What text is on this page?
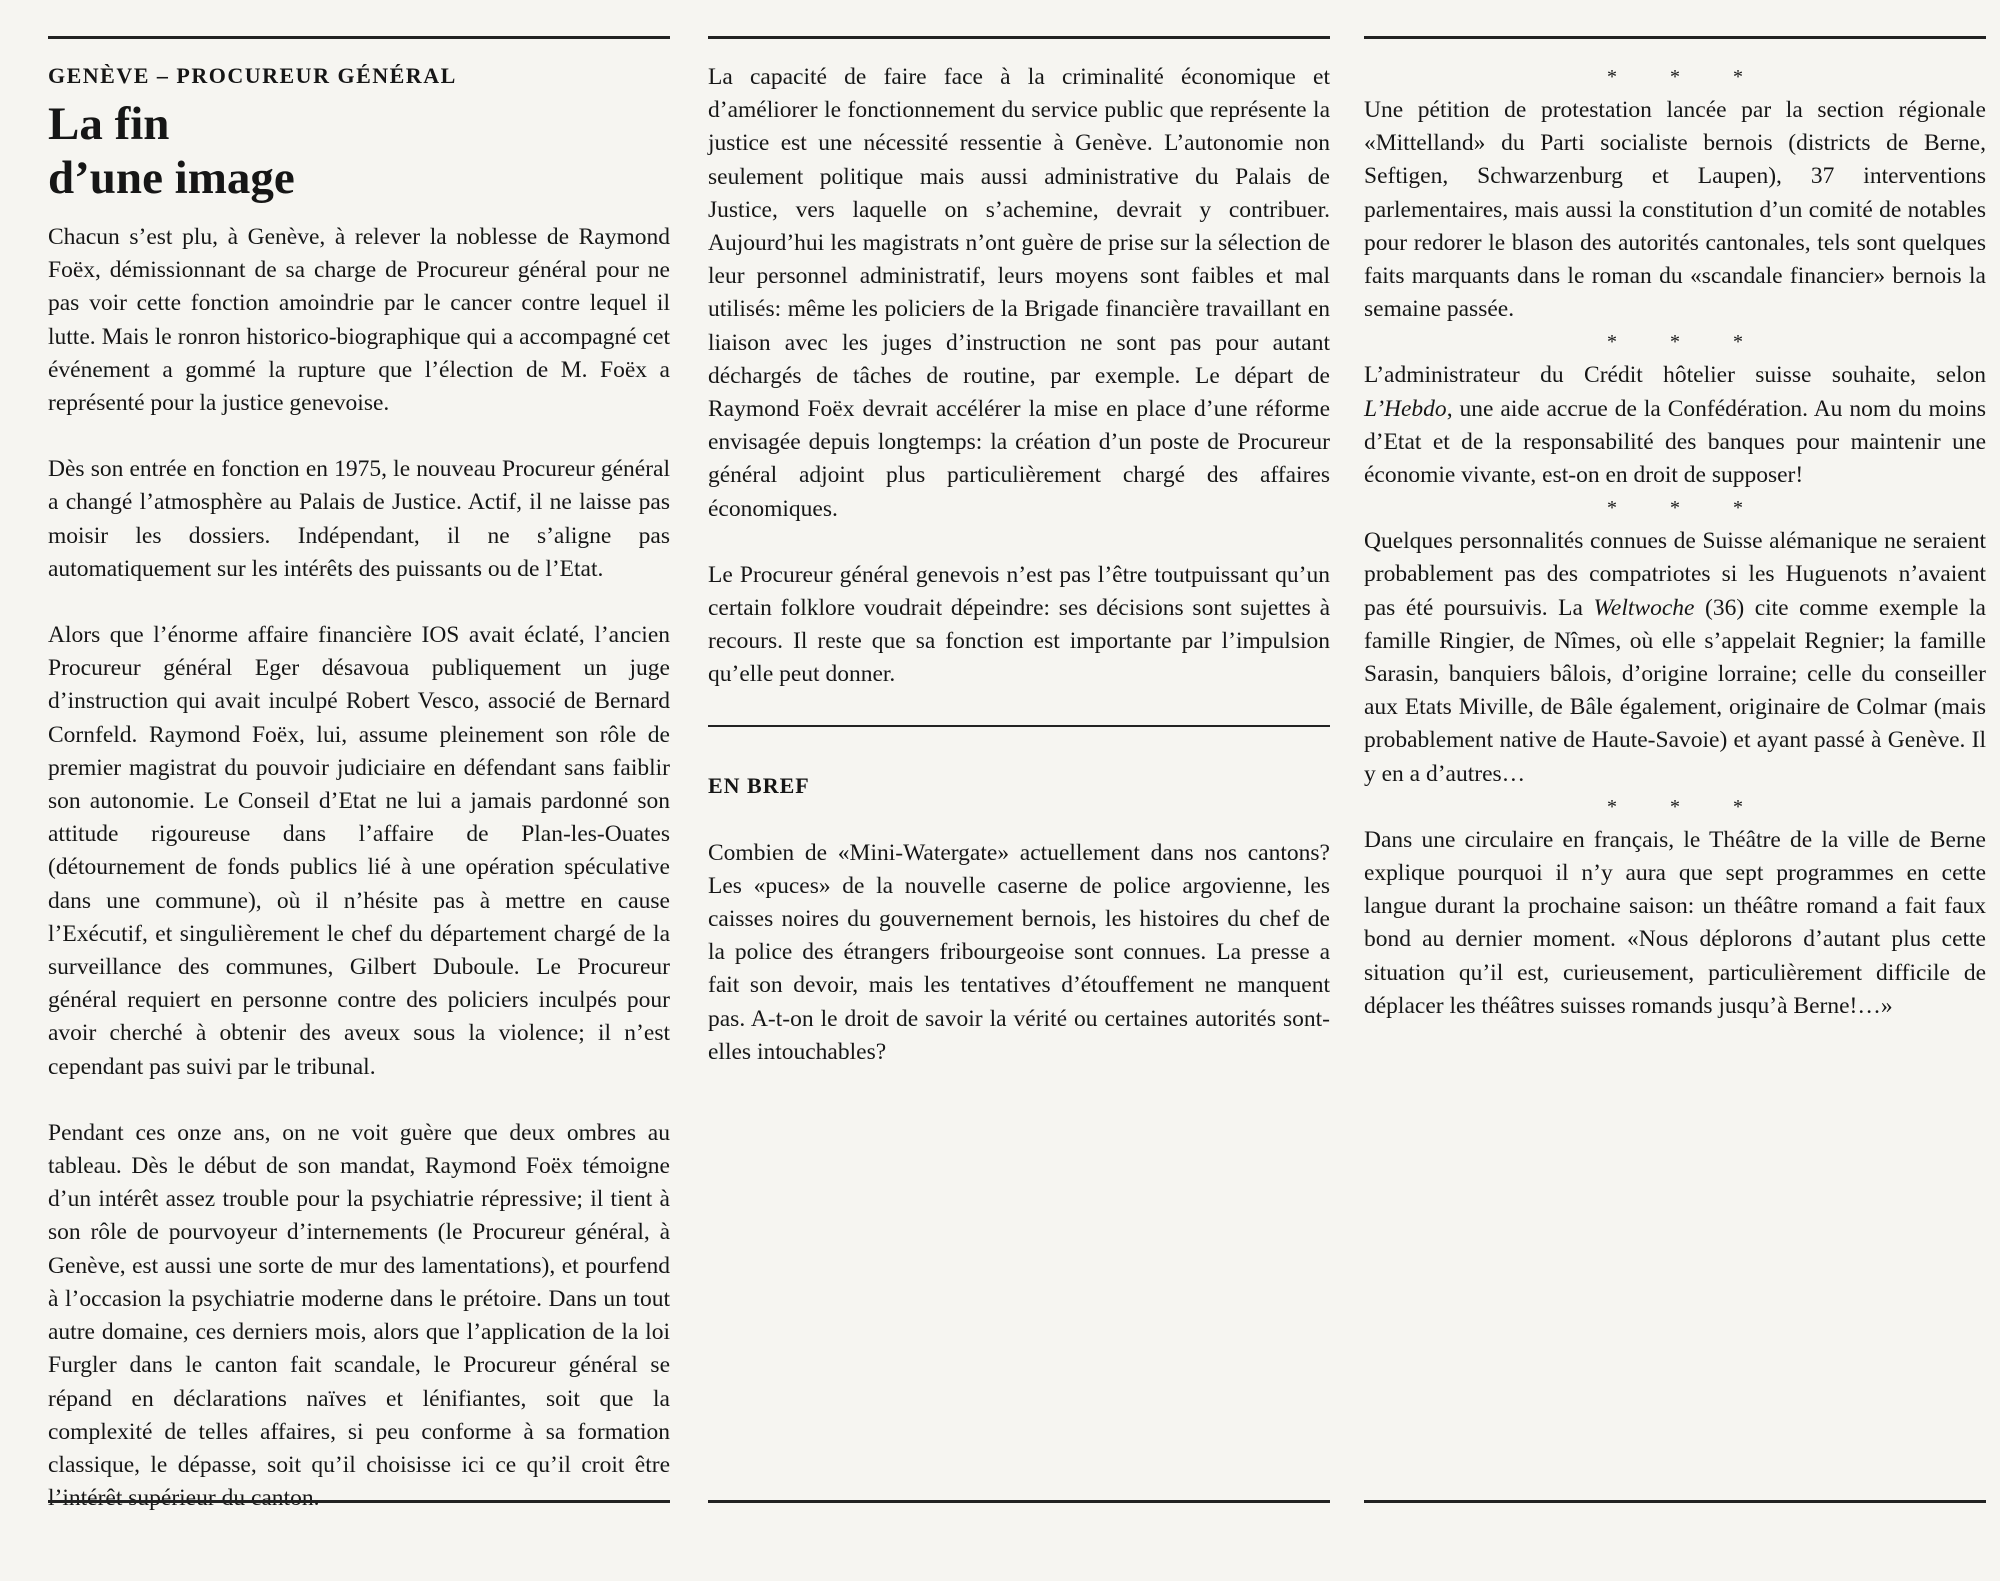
GENÈVE – PROCUREUR GÉNÉRAL
La fin
d’une image

Chacun s’est plu, à Genève, à relever la noblesse de Raymond Foëx, démissionnant de sa charge de Procureur général pour ne pas voir cette fonction amoindrie par le cancer contre lequel il lutte. Mais le ronron historico-biographique qui a accompagné cet événement a gommé la rupture que l’élection de M. Foëx a représenté pour la justice genevoise.

Dès son entrée en fonction en 1975, le nouveau Procureur général a changé l’atmosphère au Palais de Justice. Actif, il ne laisse pas moisir les dossiers. Indépendant, il ne s’aligne pas automatiquement sur les intérêts des puissants ou de l’Etat.

Alors que l’énorme affaire financière IOS avait éclaté, l’ancien Procureur général Eger désavoua publiquement un juge d’instruction qui avait inculpé Robert Vesco, associé de Bernard Cornfeld. Raymond Foëx, lui, assume pleinement son rôle de premier magistrat du pouvoir judiciaire en défendant sans faiblir son autonomie. Le Conseil d’Etat ne lui a jamais pardonné son attitude rigoureuse dans l’affaire de Plan-les-Ouates (détournement de fonds publics lié à une opération spéculative dans une commune), où il n’hésite pas à mettre en cause l’Exécutif, et singulièrement le chef du département chargé de la surveillance des communes, Gilbert Duboule. Le Procureur général requiert en personne contre des policiers inculpés pour avoir cherché à obtenir des aveux sous la violence; il n’est cependant pas suivi par le tribunal.

Pendant ces onze ans, on ne voit guère que deux ombres au tableau. Dès le début de son mandat, Raymond Foëx témoigne d’un intérêt assez trouble pour la psychiatrie répressive; il tient à son rôle de pourvoyeur d’internements (le Procureur général, à Genève, est aussi une sorte de mur des lamentations), et pourfend à l’occasion la psychiatrie moderne dans le prétoire. Dans un tout autre domaine, ces derniers mois, alors que l’application de la loi Furgler dans le canton fait scandale, le Procureur général se répand en déclarations naïves et lénifiantes, soit que la complexité de telles affaires, si peu conforme à sa formation classique, le dépasse, soit qu’il choisisse ici ce qu’il croit être l’intérêt supérieur du canton.

La capacité de faire face à la criminalité économique et d’améliorer le fonctionnement du service public que représente la justice est une nécessité ressentie à Genève. L’autonomie non seulement politique mais aussi administrative du Palais de Justice, vers laquelle on s’achemine, devrait y contribuer. Aujourd’hui les magistrats n’ont guère de prise sur la sélection de leur personnel administratif, leurs moyens sont faibles et mal utilisés: même les policiers de la Brigade financière travaillant en liaison avec les juges d’instruction ne sont pas pour autant déchargés de tâches de routine, par exemple. Le départ de Raymond Foëx devrait accélérer la mise en place d’une réforme envisagée depuis longtemps: la création d’un poste de Procureur général adjoint plus particulièrement chargé des affaires économiques.

Le Procureur général genevois n’est pas l’être toutpuissant qu’un certain folklore voudrait dépeindre: ses décisions sont sujettes à recours. Il reste que sa fonction est importante par l’impulsion qu’elle peut donner.

EN BREF

Combien de «Mini-Watergate» actuellement dans nos cantons? Les «puces» de la nouvelle caserne de police argovienne, les caisses noires du gouvernement bernois, les histoires du chef de la police des étrangers fribourgeoise sont connues. La presse a fait son devoir, mais les tentatives d’étouffement ne manquent pas. A-t-on le droit de savoir la vérité ou certaines autorités sont-elles intouchables?

* * *

Une pétition de protestation lancée par la section régionale «Mittelland» du Parti socialiste bernois (districts de Berne, Seftigen, Schwarzenburg et Laupen), 37 interventions parlementaires, mais aussi la constitution d’un comité de notables pour redorer le blason des autorités cantonales, tels sont quelques faits marquants dans le roman du «scandale financier» bernois la semaine passée.

* * *

L’administrateur du Crédit hôtelier suisse souhaite, selon L’Hebdo, une aide accrue de la Confédération. Au nom du moins d’Etat et de la responsabilité des banques pour maintenir une économie vivante, est-on en droit de supposer!

* * *

Quelques personnalités connues de Suisse alémanique ne seraient probablement pas des compatriotes si les Huguenots n’avaient pas été poursuivis. La Weltwoche (36) cite comme exemple la famille Ringier, de Nîmes, où elle s’appelait Regnier; la famille Sarasin, banquiers bâlois, d’origine lorraine; celle du conseiller aux Etats Miville, de Bâle également, originaire de Colmar (mais probablement native de Haute-Savoie) et ayant passé à Genève. Il y en a d’autres…

* * *

Dans une circulaire en français, le Théâtre de la ville de Berne explique pourquoi il n’y aura que sept programmes en cette langue durant la prochaine saison: un théâtre romand a fait faux bond au dernier moment. «Nous déplorons d’autant plus cette situation qu’il est, curieusement, particulièrement difficile de déplacer les théâtres suisses romands jusqu’à Berne!…»
